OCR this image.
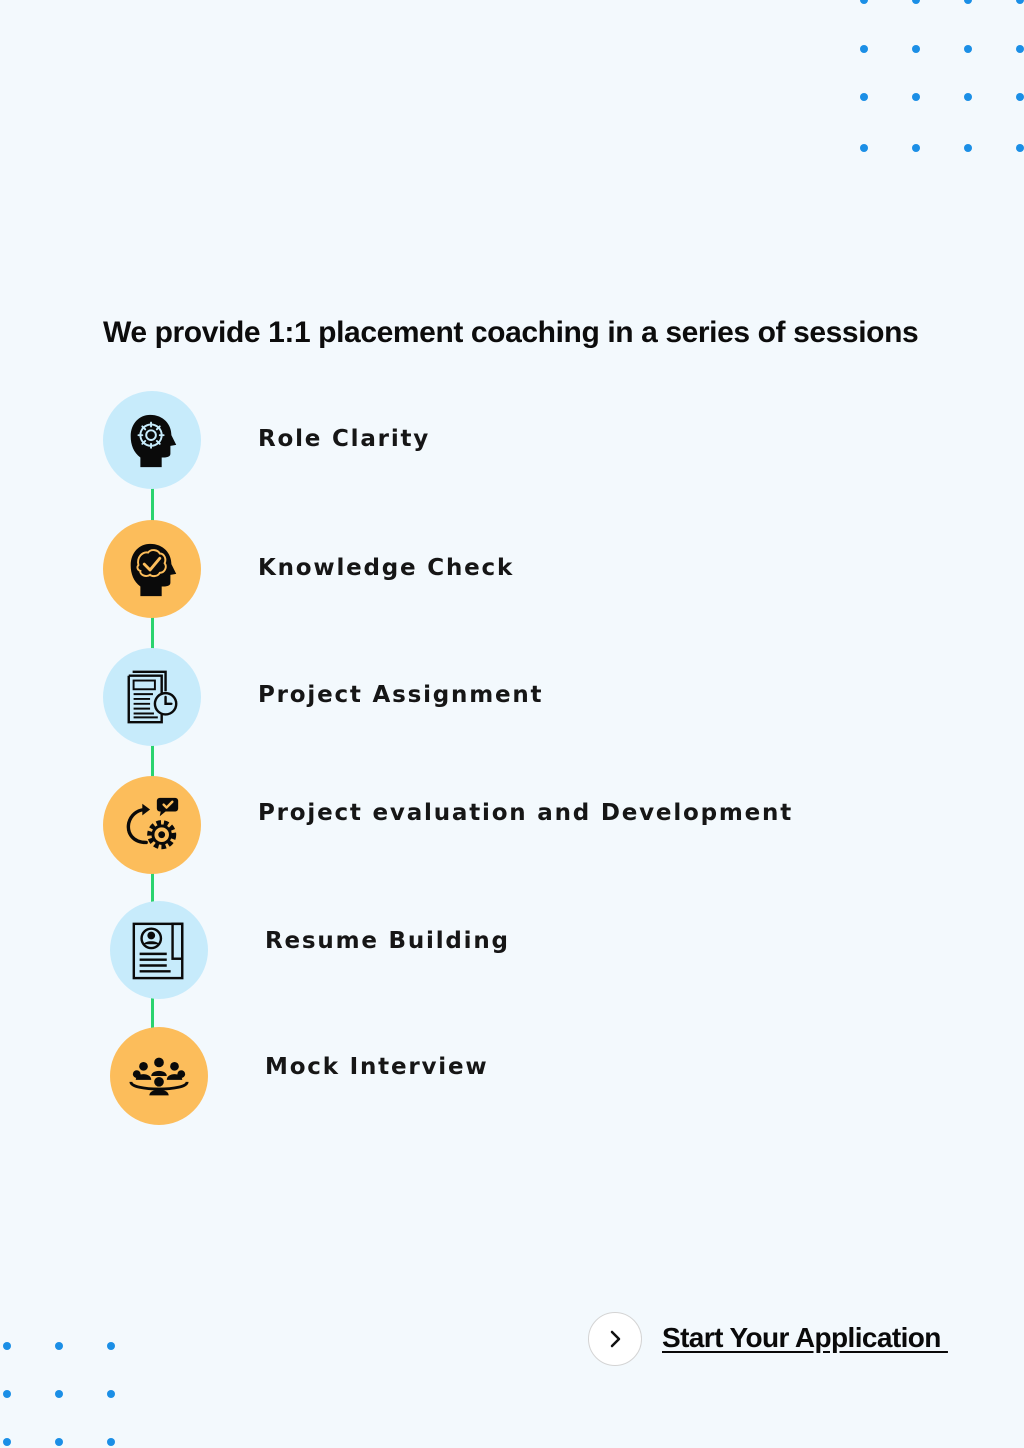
We provide 1:1 placement coaching in a series of sessions
Role Clarity
Knowledge Check
Project Assignment
Project evaluation and Development
Resume Building
Mock Interview
Start Your Application
